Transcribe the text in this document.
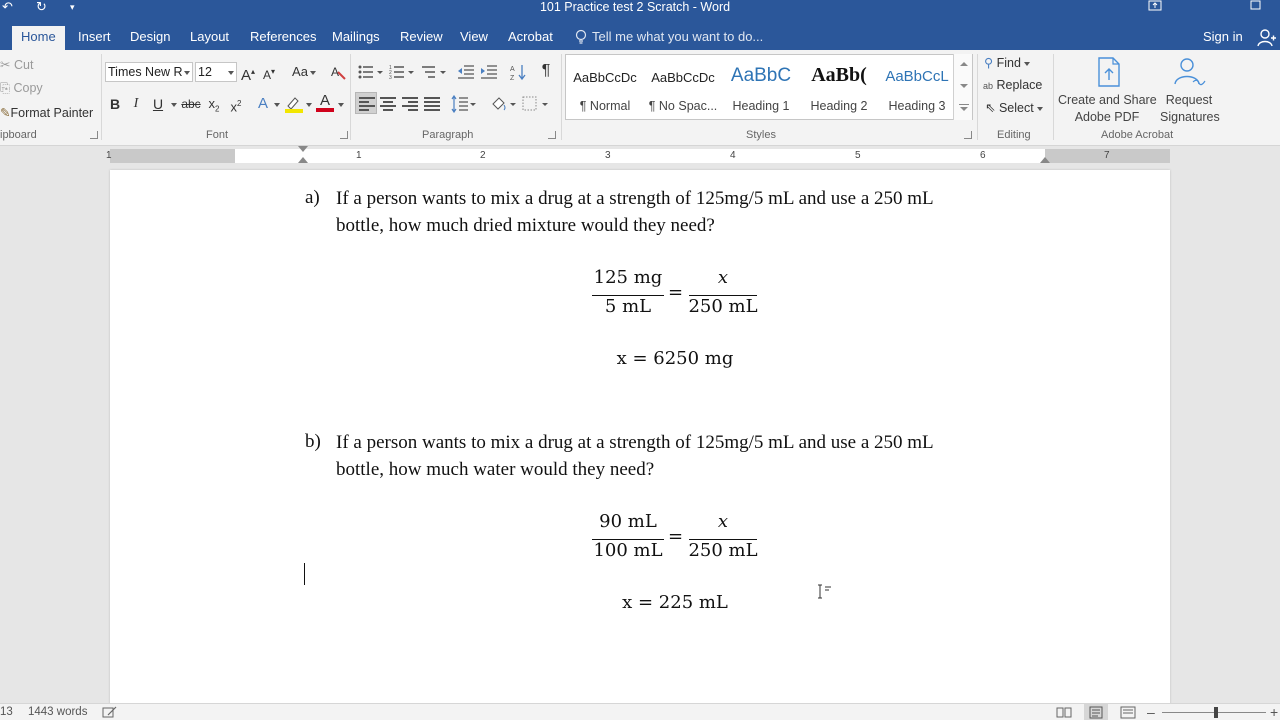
↶ ↻	▾	101 Practice test 2 Scratch - Word
Home	Insert	Design	Layout	References	Mailings	Review	View	Acrobat	Tell me what you want to do...	Sign in
✂ Cut
⎘ Copy
✎Format Painter
ipboard
Times New R	12	A▴ A▾ Aa	A
B I	U abc $x_2$ $x^2$ A	A
Font
1
2
3
A
Z ¶
Paragraph
AaBbCcDc
¶ Normal
AaBbCcDc
¶ No Spac...
AaBbC
Heading 1
AaBb(
Heading 2
AaBbCcL
Heading 3
Styles
⚲ Find
ab Replace
⇖ Select
Editing
Create and Share
Adobe PDF
Request
Signatures
Adobe Acrobat
1	1	2	3	4	5	6	7
a) If a person wants to mix a drug at a strength of 125mg/5 mL and use a 250 mL
bottle, how much dried mixture would they need?
125 mg
5 mL
=
x
250 mL
x = 6250 mg
b) If a person wants to mix a drug at a strength of 125mg/5 mL and use a 250 mL
bottle, how much water would they need?
90 mL
100 mL
=
x
250 mL
x = 225 mL
13 1443 words	–	+
